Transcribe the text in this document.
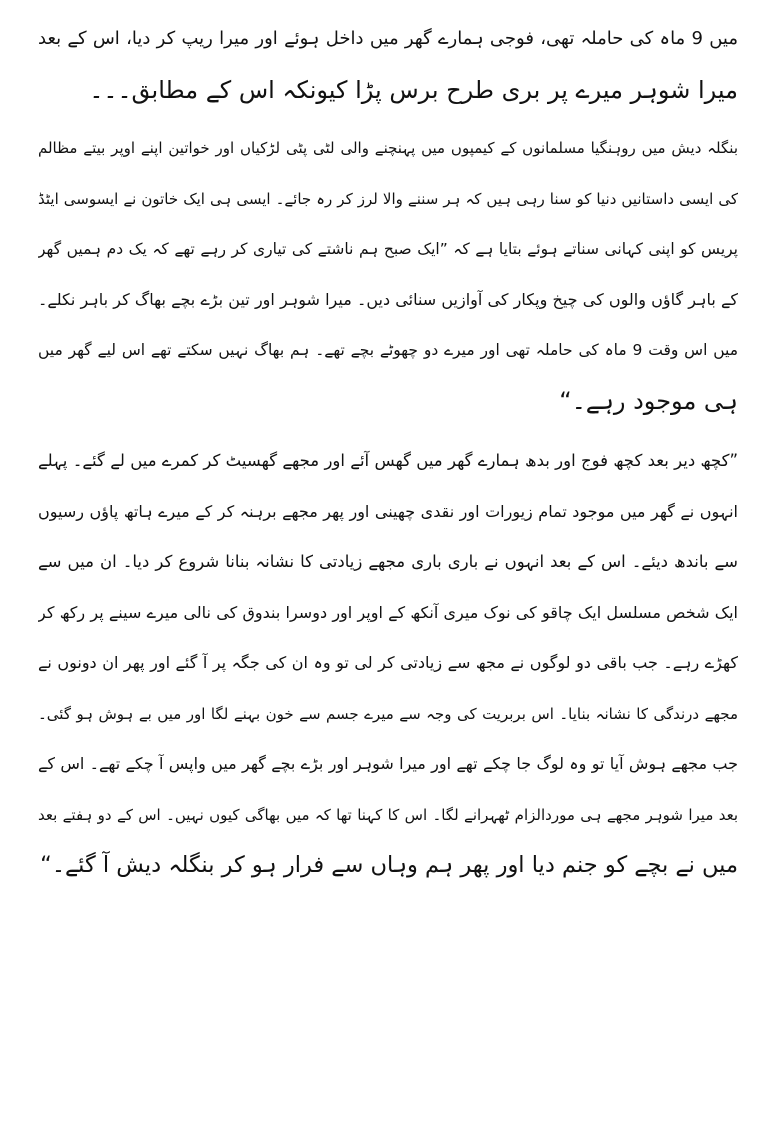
میں 9 ماہ کی حاملہ تھی، فوجی ہمارے گھر میں داخل ہوئے اور میرا ریپ کر دیا، اس کے بعد
میرا شوہر میرے پر بری طرح برس پڑا کیونکہ اس کے مطابق۔۔۔
بنگلہ دیش میں روہنگیا مسلمانوں کے کیمپوں میں پہنچنے والی لٹی پٹی لڑکیاں اور خواتین اپنے اوپر بیتے مظالم
کی ایسی داستانیں دنیا کو سنا رہی ہیں کہ ہر سننے والا لرز کر رہ جائے۔ ایسی ہی ایک خاتون نے ایسوسی ایٹڈ
پریس کو اپنی کہانی سناتے ہوئے بتایا ہے کہ ”ایک صبح ہم ناشتے کی تیاری کر رہے تھے کہ یک دم ہمیں گھر
کے باہر گاؤں والوں کی چیخ وپکار کی آوازیں سنائی دیں۔ میرا شوہر اور تین بڑے بچے بھاگ کر باہر نکلے۔
میں اس وقت 9 ماہ کی حاملہ تھی اور میرے دو چھوٹے بچے تھے۔ ہم بھاگ نہیں سکتے تھے اس لیے گھر میں
ہی موجود رہے۔“
”کچھ دیر بعد کچھ فوج اور بدھ ہمارے گھر میں گھس آئے اور مجھے گھسیٹ کر کمرے میں لے گئے۔ پہلے
انہوں نے گھر میں موجود تمام زیورات اور نقدی چھینی اور پھر مجھے برہنہ کر کے میرے ہاتھ پاؤں رسیوں
سے باندھ دیئے۔ اس کے بعد انہوں نے باری باری مجھے زیادتی کا نشانہ بنانا شروع کر دیا۔ ان میں سے
ایک شخص مسلسل ایک چاقو کی نوک میری آنکھ کے اوپر اور دوسرا بندوق کی نالی میرے سینے پر رکھ کر
کھڑے رہے۔ جب باقی دو لوگوں نے مجھ سے زیادتی کر لی تو وہ ان کی جگہ پر آ گئے اور پھر ان دونوں نے
مجھے درندگی کا نشانہ بنایا۔ اس بربریت کی وجہ سے میرے جسم سے خون بہنے لگا اور میں بے ہوش ہو گئی۔
جب مجھے ہوش آیا تو وہ لوگ جا چکے تھے اور میرا شوہر اور بڑے بچے گھر میں واپس آ چکے تھے۔ اس کے
بعد میرا شوہر مجھے ہی موردالزام ٹھہرانے لگا۔ اس کا کہنا تھا کہ میں بھاگی کیوں نہیں۔ اس کے دو ہفتے بعد
میں نے بچے کو جنم دیا اور پھر ہم وہاں سے فرار ہو کر بنگلہ دیش آ گئے۔“
